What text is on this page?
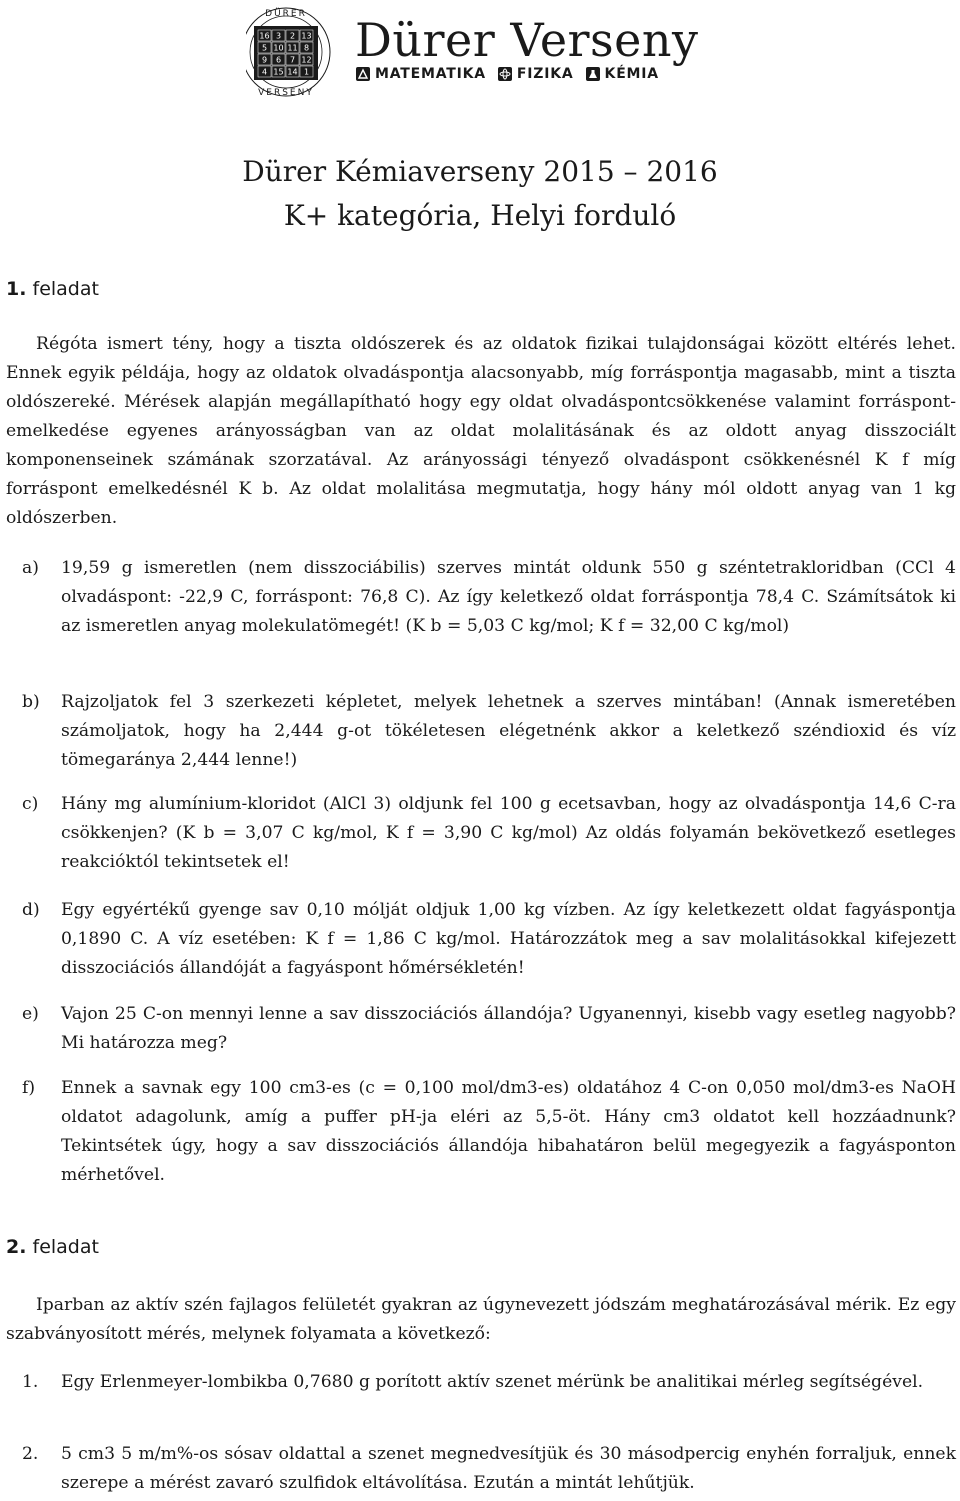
16 3 2 13
5 10 11 8
9 6 7 12
4 15 14 1
DÜRER
VERSENY
Dürer Verseny
MATEMATIKA FIZIKA KÉMIA
Dürer Kémiaverseny 2015 – 2016
K+ kategória, Helyi forduló
1. feladat

Régóta ismert tény, hogy a tiszta oldószerek és az oldatok fizikai tulajdonságai között eltérés lehet. Ennek egyik példája, hogy az oldatok olvadáspontja alacsonyabb, míg forráspontja magasabb, mint a tiszta oldószereké. Mérések alapján megállapítható hogy egy oldat olvadáspontcsökkenése valamint forráspont-emelkedése egyenes arányosságban van az oldat molalitásának és az oldott anyag disszociált komponenseinek számának szorzatával. Az arányossági tényező olvadáspont csökkenésnél K f míg forráspont emelkedésnél K b. Az oldat molalitása megmutatja, hogy hány mól oldott anyag van 1 kg oldószerben.

a) 19,59 g ismeretlen (nem disszociábilis) szerves mintát oldunk 550 g széntetrakloridban (CCl 4 olvadáspont: -22,9 C, forráspont: 76,8 C). Az így keletkező oldat forráspontja 78,4 C. Számítsátok ki az ismeretlen anyag molekulatömegét! (K b = 5,03 C kg/mol; K f = 32,00 C kg/mol)
b) Rajzoljatok fel 3 szerkezeti képletet, melyek lehetnek a szerves mintában! (Annak ismeretében számoljatok, hogy ha 2,444 g-ot tökéletesen elégetnénk akkor a keletkező széndioxid és víz tömegaránya 2,444 lenne!)
c) Hány mg alumínium-kloridot (AlCl 3) oldjunk fel 100 g ecetsavban, hogy az olvadáspontja 14,6 C-ra csökkenjen? (K b = 3,07 C kg/mol, K f = 3,90 C kg/mol) Az oldás folyamán bekövetkező esetleges reakcióktól tekintsetek el!
d) Egy egyértékű gyenge sav 0,10 mólját oldjuk 1,00 kg vízben. Az így keletkezett oldat fagyáspontja 0,1890 C. A víz esetében: K f = 1,86 C kg/mol. Határozzátok meg a sav molalitásokkal kifejezett disszociációs állandóját a fagyáspont hőmérsékletén!
e) Vajon 25 C-on mennyi lenne a sav disszociációs állandója? Ugyanennyi, kisebb vagy esetleg nagyobb? Mi határozza meg?
f) Ennek a savnak egy 100 cm3-es (c = 0,100 mol/dm3-es) oldatához 4 C-on 0,050 mol/dm3-es NaOH oldatot adagolunk, amíg a puffer pH-ja eléri az 5,5-öt. Hány cm3 oldatot kell hozzáadnunk? Tekintsétek úgy, hogy a sav disszociációs állandója hibahatáron belül megegyezik a fagyásponton mérhetővel.
2. feladat

Iparban az aktív szén fajlagos felületét gyakran az úgynevezett jódszám meghatározásával mérik. Ez egy szabványosított mérés, melynek folyamata a következő:

1. Egy Erlenmeyer-lombikba 0,7680 g porított aktív szenet mérünk be analitikai mérleg segítségével.
2. 5 cm3 5 m/m%-os sósav oldattal a szenet megnedvesítjük és 30 másodpercig enyhén forraljuk, ennek szerepe a mérést zavaró szulfidok eltávolítása. Ezután a mintát lehűtjük.
